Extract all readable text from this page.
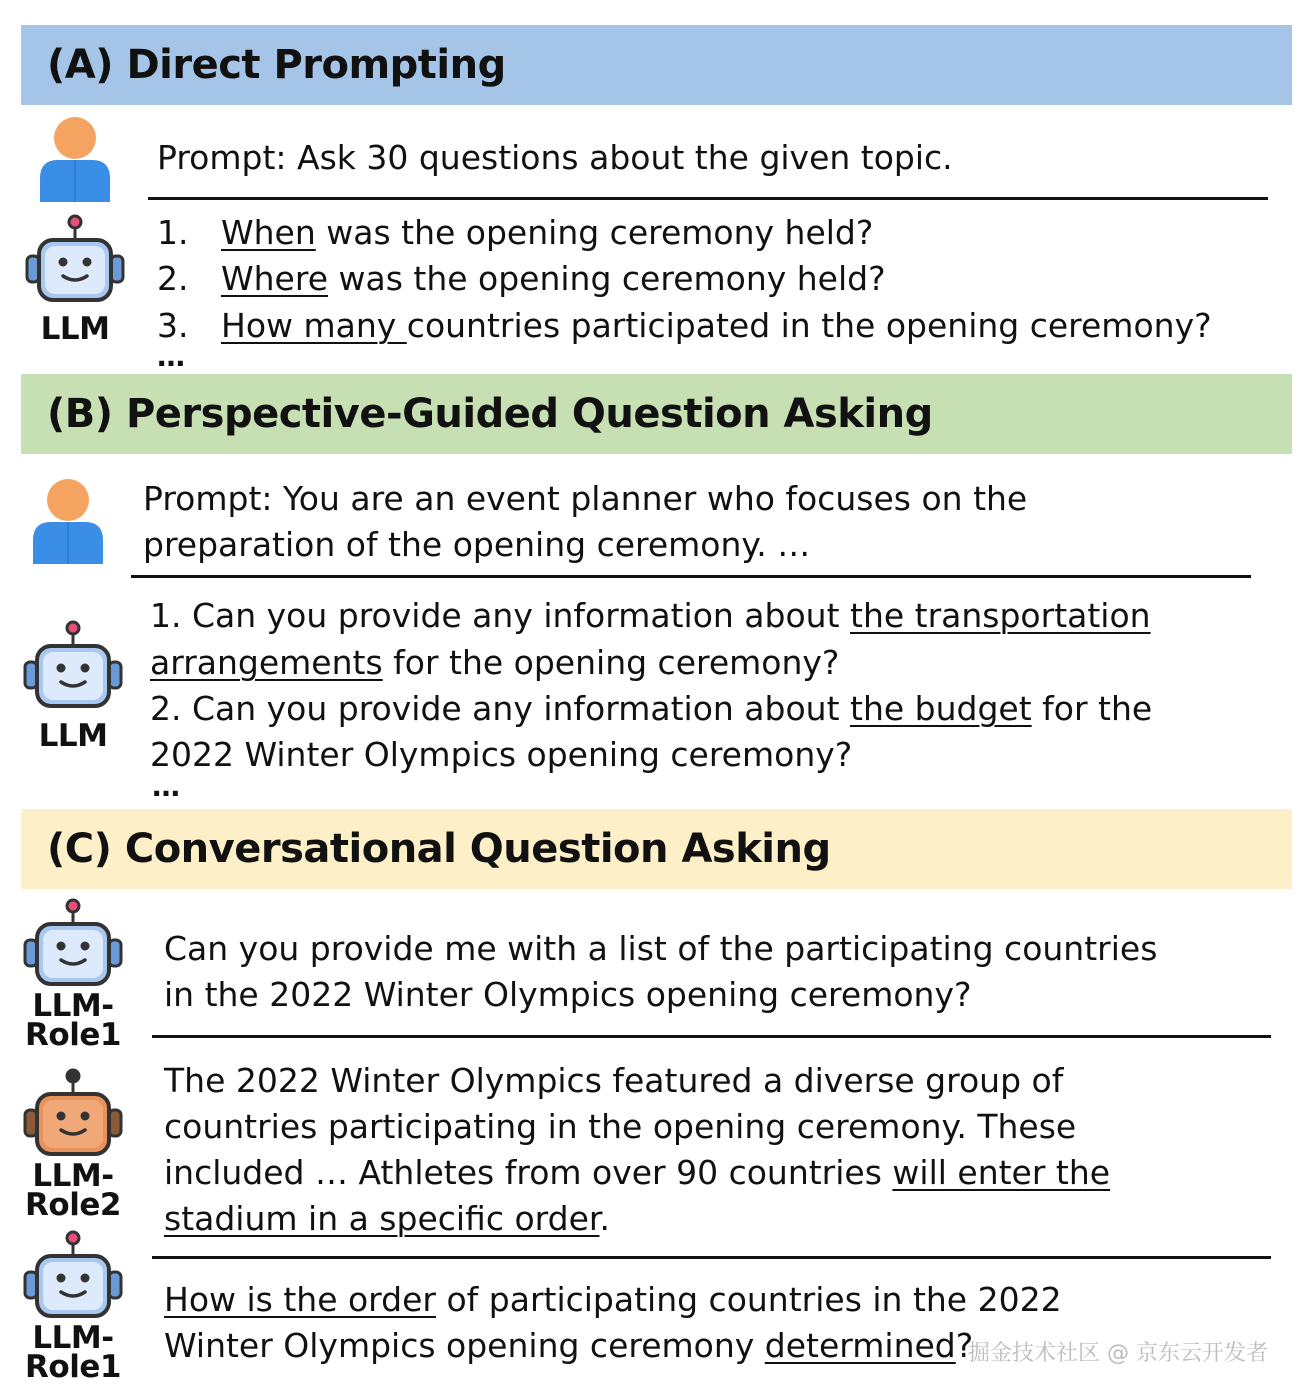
(A) Direct Prompting
Prompt: Ask 30 questions about the given topic.
LLM
1. When was the opening ceremony held?
2. Where was the opening ceremony held?
3. How many countries participated in the opening ceremony?
…
(B) Perspective-Guided Question Asking
Prompt: You are an event planner who focuses on the
preparation of the opening ceremony. …
LLM
1. Can you provide any information about the transportation
arrangements for the opening ceremony?
2. Can you provide any information about the budget for the
2022 Winter Olympics opening ceremony?
…
(C) Conversational Question Asking
LLM-
Role1
Can you provide me with a list of the participating countries
in the 2022 Winter Olympics opening ceremony?
LLM-
Role2
The 2022 Winter Olympics featured a diverse group of
countries participating in the opening ceremony. These
included … Athletes from over 90 countries will enter the
stadium in a specific order.
LLM-
Role1
How is the order of participating countries in the 2022
Winter Olympics opening ceremony determined?
掘金技术社区 @ 京东云开发者
